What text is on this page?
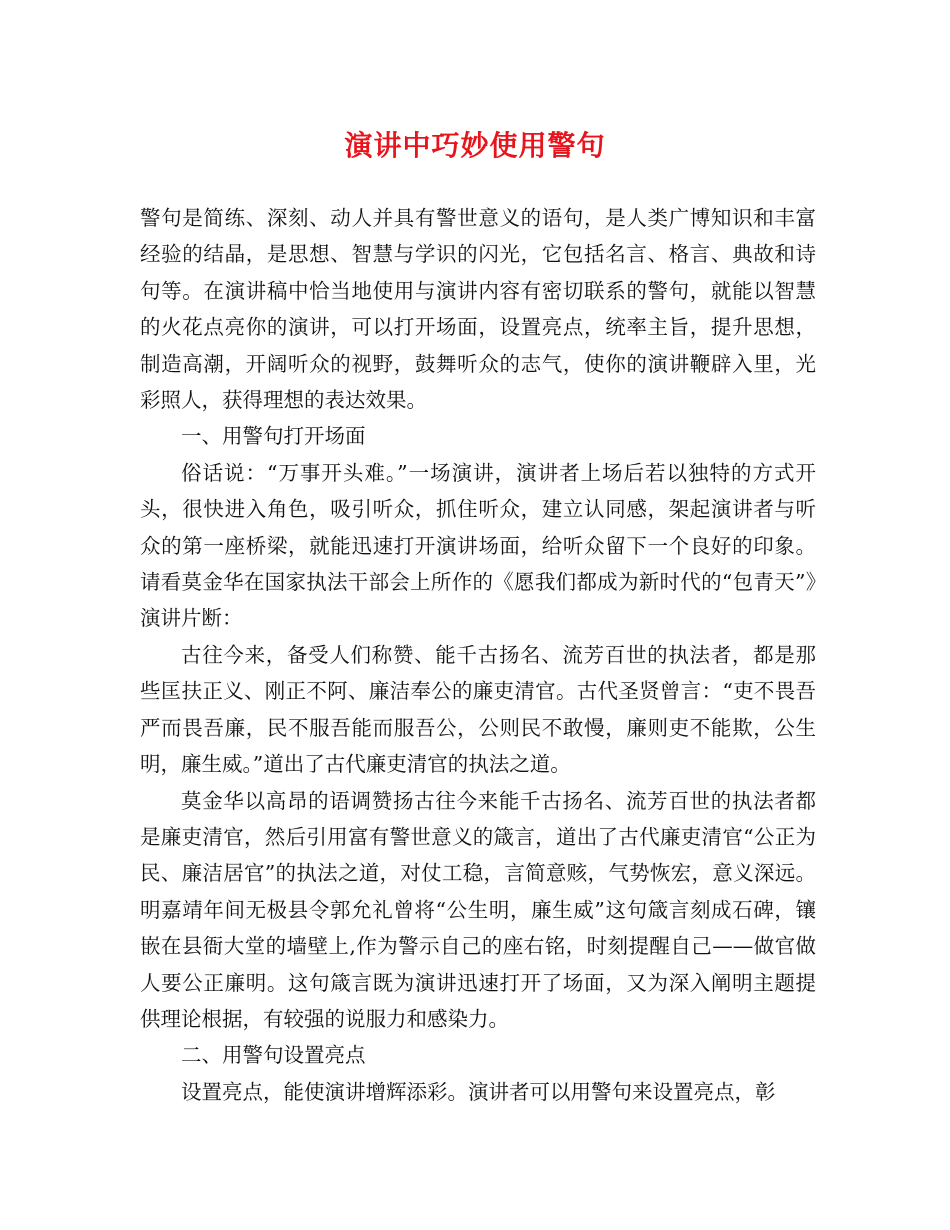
演讲中巧妙使用警句

警句是简练、深刻、动人并具有警世意义的语句，是人类广博知识和丰富经验的结晶，是思想、智慧与学识的闪光，它包括名言、格言、典故和诗句等。在演讲稿中恰当地使用与演讲内容有密切联系的警句，就能以智慧的火花点亮你的演讲，可以打开场面，设置亮点，统率主旨，提升思想，制造高潮，开阔听众的视野，鼓舞听众的志气，使你的演讲鞭辟入里，光彩照人，获得理想的表达效果。

一、用警句打开场面

俗话说：“万事开头难。”一场演讲，演讲者上场后若以独特的方式开头，很快进入角色，吸引听众，抓住听众，建立认同感，架起演讲者与听众的第一座桥梁，就能迅速打开演讲场面，给听众留下一个良好的印象。请看莫金华在国家执法干部会上所作的《愿我们都成为新时代的“包青天”》演讲片断：

古往今来，备受人们称赞、能千古扬名、流芳百世的执法者，都是那些匡扶正义、刚正不阿、廉洁奉公的廉吏清官。古代圣贤曾言：“吏不畏吾严而畏吾廉，民不服吾能而服吾公，公则民不敢慢，廉则吏不能欺，公生明，廉生威。”道出了古代廉吏清官的执法之道。

莫金华以高昂的语调赞扬古往今来能千古扬名、流芳百世的执法者都是廉吏清官，然后引用富有警世意义的箴言，道出了古代廉吏清官“公正为民、廉洁居官”的执法之道，对仗工稳，言简意赅，气势恢宏，意义深远。明嘉靖年间无极县令郭允礼曾将“公生明，廉生威”这句箴言刻成石碑，镶嵌在县衙大堂的墙壁上,作为警示自己的座右铭，时刻提醒自己——做官做人要公正廉明。这句箴言既为演讲迅速打开了场面，又为深入阐明主题提供理论根据，有较强的说服力和感染力。

二、用警句设置亮点

设置亮点，能使演讲增辉添彩。演讲者可以用警句来设置亮点，彰
